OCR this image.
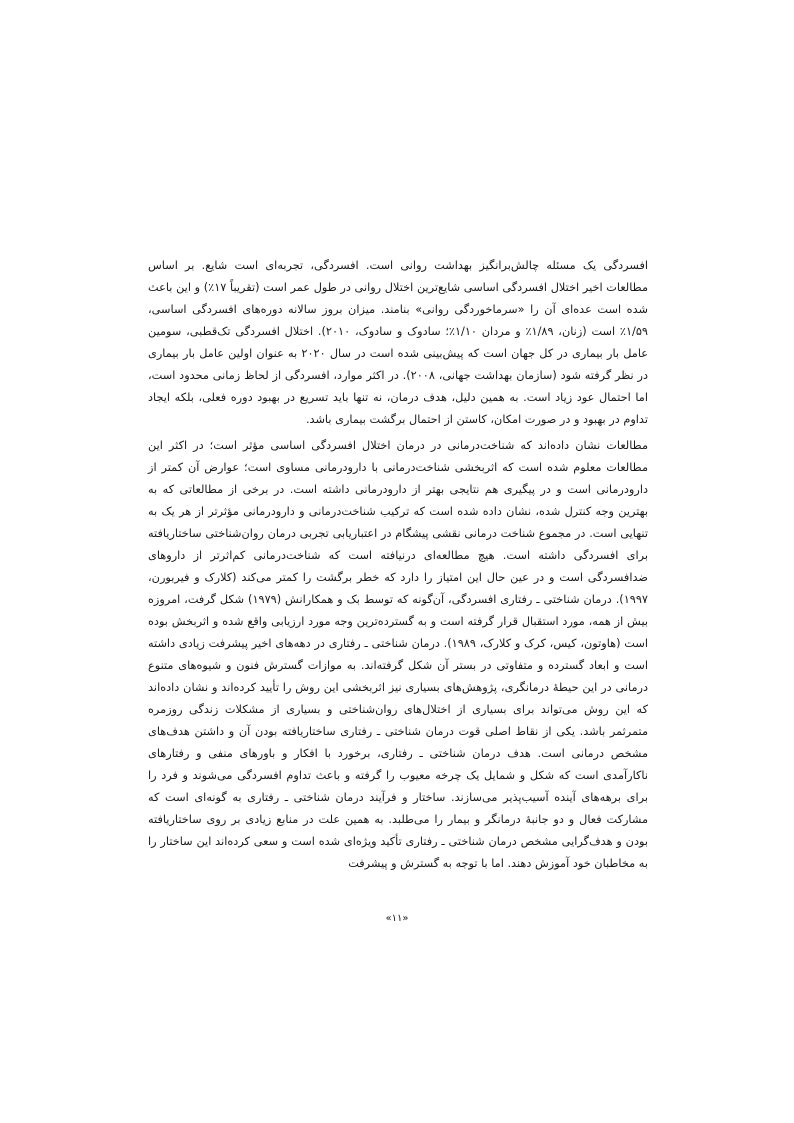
افسردگی یک مسئله چالش‌برانگیز بهداشت روانی است. افسردگی، تجربه‌ای است شایع. بر اساس مطالعات اخیر اختلال افسردگی اساسی شایع‌ترین اختلال روانی در طول عمر است (تقریباً ۱۷٪) و این باعث شده است عده‌ای آن را «سرماخوردگی روانی» بنامند. میزان بروز سالانه دوره‌های افسردگی اساسی، ۱/۵۹٪ است (زنان، ۱/۸۹٪ و مردان ۱/۱۰٪؛ سادوک و سادوک، ۲۰۱۰). اختلال افسردگی تک‌قطبی، سومین عامل بار بیماری در کل جهان است که پیش‌بینی شده است در سال ۲۰۲۰ به عنوان اولین عامل بار بیماری در نظر گرفته شود (سازمان بهداشت جهانی، ۲۰۰۸). در اکثر موارد، افسردگی از لحاظ زمانی محدود است، اما احتمال عود زیاد است. به همین دلیل، هدف درمان، نه تنها باید تسریع در بهبود دوره فعلی، بلکه ایجاد تداوم در بهبود و در صورت امکان، کاستن از احتمال برگشت بیماری باشد.

مطالعات نشان داده‌اند که شناخت‌درمانی در درمان اختلال افسردگی اساسی مؤثر است؛ در اکثر این مطالعات معلوم شده است که اثربخشی شناخت‌درمانی با دارودرمانی مساوی است؛ عوارض آن کمتر از دارودرمانی است و در پیگیری هم نتایجی بهتر از دارودرمانی داشته است. در برخی از مطالعاتی که به بهترین وجه کنترل شده، نشان داده شده است که ترکیب شناخت‌درمانی و دارودرمانی مؤثرتر از هر یک به تنهایی است. در مجموع شناخت درمانی نقشی پیشگام در اعتباریابی تجربی درمان روان‌شناختی ساختاریافته برای افسردگی داشته است. هیچ مطالعه‌ای درنیافته است که شناخت‌درمانی کم‌اثرتر از داروهای ضدافسردگی است و در عین حال این امتیاز را دارد که خطر برگشت را کمتر می‌کند (کلارک و فیربورن، ۱۹۹۷). درمان شناختی ـ رفتاری افسردگی، آن‌گونه که توسط بک و همکارانش (۱۹۷۹) شکل گرفت، امروزه بیش از همه، مورد استقبال قرار گرفته است و به گسترده‌ترین وجه مورد ارزیابی واقع شده و اثربخش بوده است (هاوتون، کیس، کرک و کلارک، ۱۹۸۹). درمان شناختی ـ رفتاری در دهه‌های اخیر پیشرفت زیادی داشته است و ابعاد گسترده و متفاوتی در بستر آن شکل گرفته‌اند. به موازات گسترش فنون و شیوه‌های متنوع درمانی در این حیطهٔ درمانگری، پژوهش‌های بسیاری نیز اثربخشی این روش را تأیید کرده‌اند و نشان داده‌اند که این روش می‌تواند برای بسیاری از اختلال‌های روان‌شناختی و بسیاری از مشکلات زندگی روزمره متمرثمر باشد. یکی از نقاط اصلی قوت درمان شناختی ـ رفتاری ساختاریافته بودن آن و داشتن هدف‌های مشخص درمانی است. هدف درمان شناختی ـ رفتاری، برخورد با افکار و باورهای منفی و رفتارهای ناکارآمدی است که شکل و شمایل یک چرخه معیوب را گرفته و باعث تداوم افسردگی می‌شوند و فرد را برای برهه‌های آینده آسیب‌پذیر می‌سازند. ساختار و فرآیند درمان شناختی ـ رفتاری به گونه‌ای است که مشارکت فعال و دو جانبهٔ درمانگر و بیمار را می‌طلبد. به همین علت در منابع زیادی بر روی ساختاریافته بودن و هدف‌گرایی مشخص درمان شناختی ـ رفتاری تأکید ویژه‌ای شده است و سعی کرده‌اند این ساختار را به مخاطبان خود آموزش دهند. اما با توجه به گسترش و پیشرفت

«۱۱»
